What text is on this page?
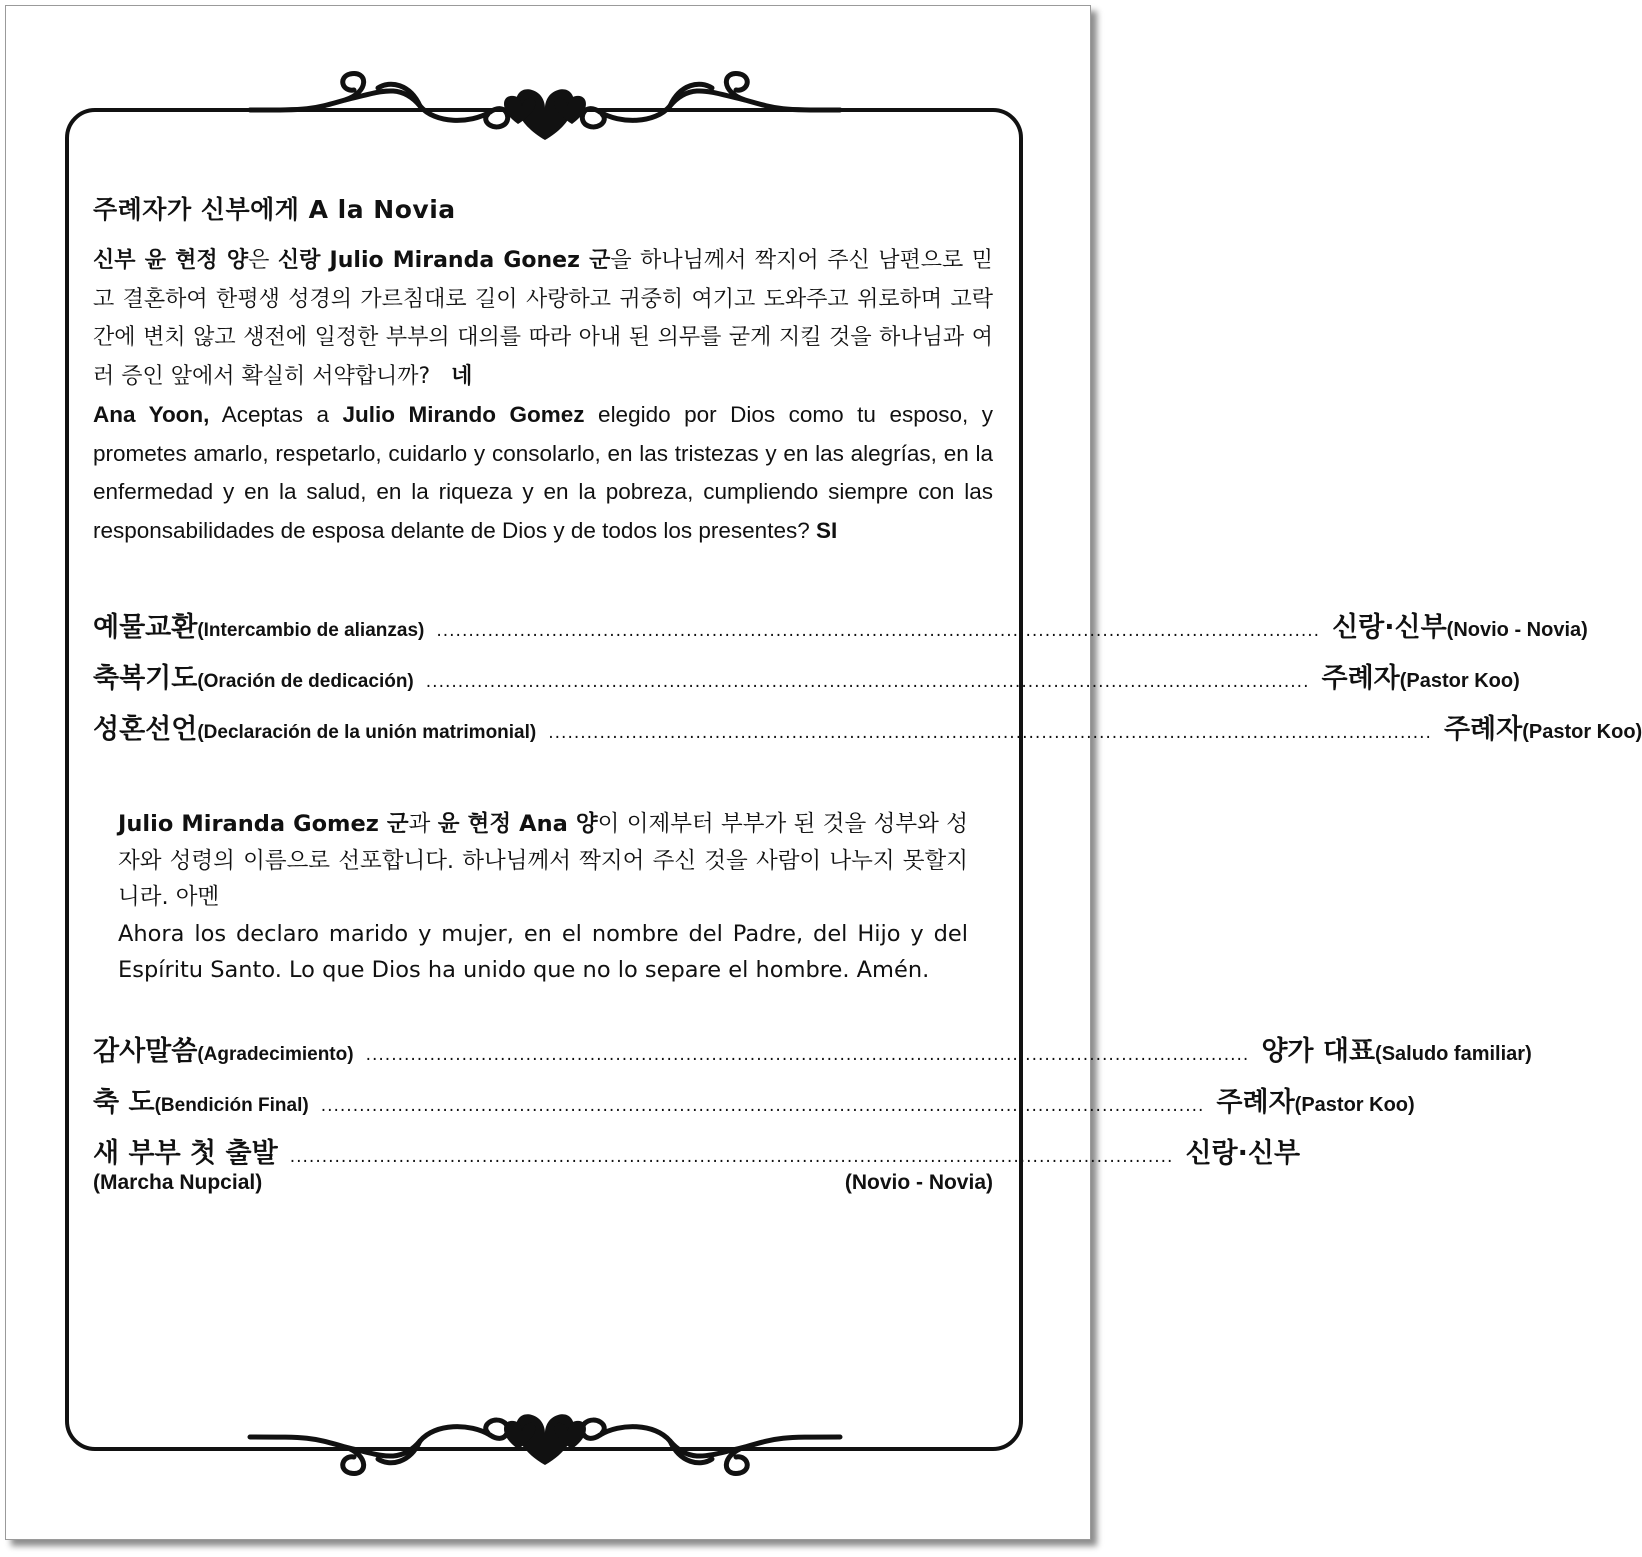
주례자가 신부에게 A la Novia

신부 윤 현정 양은 신랑 Julio Miranda Gonez 군을 하나님께서 짝지어 주신 남편으로 믿고 결혼하여 한평생 성경의 가르침대로 길이 사랑하고 귀중히 여기고 도와주고 위로하며 고락간에 변치 않고 생전에 일정한 부부의 대의를 따라 아내 된 의무를 굳게 지킬 것을 하나님과 여러 증인 앞에서 확실히 서약합니까? 네

Ana Yoon, Aceptas a Julio Mirando Gomez elegido por Dios como tu esposo, y prometes amarlo, respetarlo, cuidarlo y consolarlo, en las tristezas y en las alegrías, en la enfermedad y en la salud, en la riqueza y en la pobreza, cumpliendo siempre con las responsabilidades de esposa delante de Dios y de todos los presentes? SI

예물교환 (Intercambio de alianzas) .......................................................................................................................................... 신랑·신부(Novio - Novia)
축복기도 (Oración de dedicación) .......................................................................................................................................... 주례자(Pastor Koo)
성혼선언 (Declaración de la unión matrimonial) .......................................................................................................................................... 주례자(Pastor Koo)

Julio Miranda Gomez 군과 윤 현정 Ana 양이 이제부터 부부가 된 것을 성부와 성자와 성령의 이름으로 선포합니다. 하나님께서 짝지어 주신 것을 사람이 나누지 못할지니라. 아멘

Ahora los declaro marido y mujer, en el nombre del Padre, del Hijo y del Espíritu Santo. Lo que Dios ha unido que no lo separe el hombre. Amén.

감사말씀 (Agradecimiento) .......................................................................................................................................... 양가 대표(Saludo familiar)
축 도 (Bendición Final) .......................................................................................................................................... 주례자(Pastor Koo)
새 부부 첫 출발 .......................................................................................................................................... 신랑·신부
(Marcha Nupcial)	(Novio - Novia)
